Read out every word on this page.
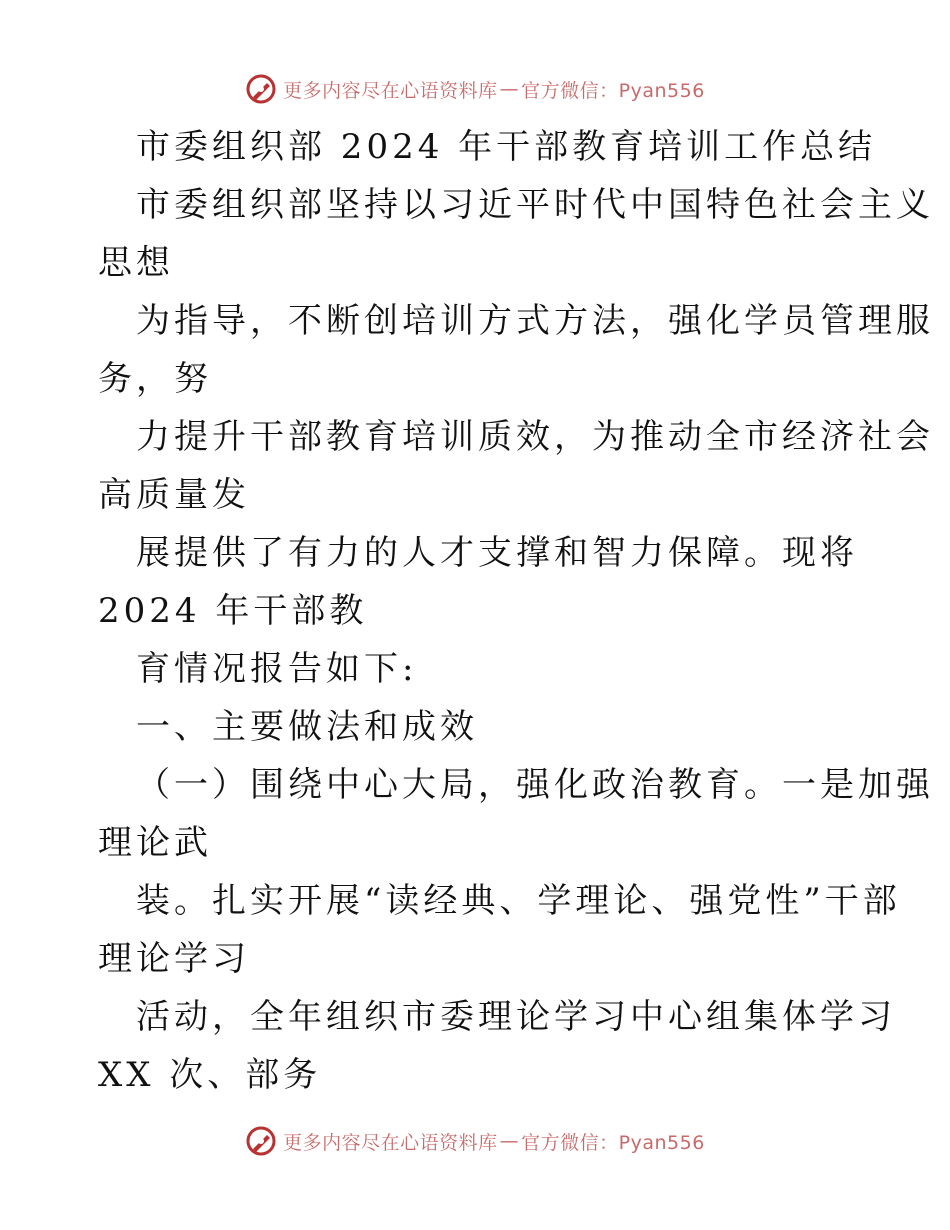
更多内容尽在心语资料库 — 官方微信：Pyan556
市委组织部 2024 年干部教育培训工作总结
市委组织部坚持以习近平时代中国特色社会主义
思想
为指导，不断创培训方式方法，强化学员管理服
务，努
力提升干部教育培训质效，为推动全市经济社会
高质量发
展提供了有力的人才支撑和智力保障。现将
2024 年干部教
育情况报告如下:
一、主要做法和成效
（一）围绕中心大局，强化政治教育。一是加强
理论武
装。扎实开展“读经典、学理论、强党性”干部
理论学习
活动，全年组织市委理论学习中心组集体学习
XX 次、部务
更多内容尽在心语资料库 — 官方微信：Pyan556
